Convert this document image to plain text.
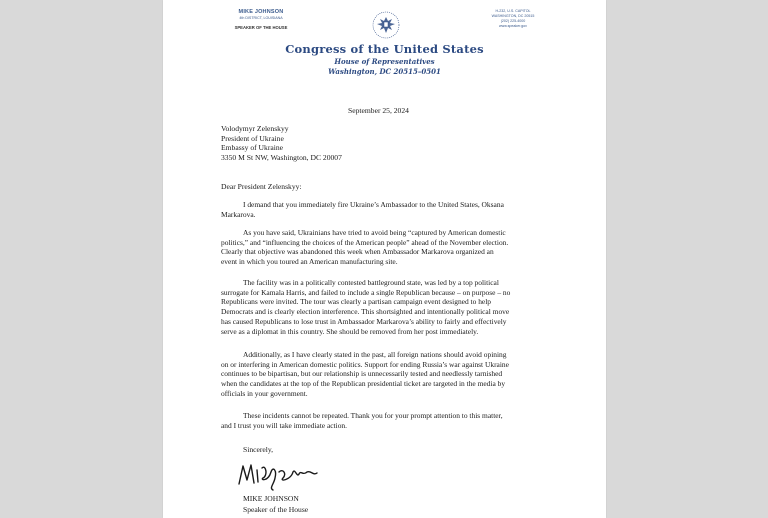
MIKE JOHNSON
4th DISTRICT, LOUISIANA
SPEAKER OF THE HOUSE
H-232, U.S. CAPITOL
WASHINGTON, DC 20515
(202) 225-4000
www.speaker.gov
Congress of the United States
House of Representatives
Washington, DC 20515–0501
September 25, 2024
Volodymyr Zelenskyy
President of Ukraine
Embassy of Ukraine
3350 M St NW, Washington, DC 20007
Dear President Zelenskyy:
I demand that you immediately fire Ukraine’s Ambassador to the United States, Oksana
Markarova.
As you have said, Ukrainians have tried to avoid being “captured by American domestic
politics,” and “influencing the choices of the American people” ahead of the November election.
Clearly that objective was abandoned this week when Ambassador Markarova organized an
event in which you toured an American manufacturing site.
The facility was in a politically contested battleground state, was led by a top political
surrogate for Kamala Harris, and failed to include a single Republican because – on purpose – no
Republicans were invited. The tour was clearly a partisan campaign event designed to help
Democrats and is clearly election interference. This shortsighted and intentionally political move
has caused Republicans to lose trust in Ambassador Markarova’s ability to fairly and effectively
serve as a diplomat in this country. She should be removed from her post immediately.
Additionally, as I have clearly stated in the past, all foreign nations should avoid opining
on or interfering in American domestic politics. Support for ending Russia’s war against Ukraine
continues to be bipartisan, but our relationship is unnecessarily tested and needlessly tarnished
when the candidates at the top of the Republican presidential ticket are targeted in the media by
officials in your government.
These incidents cannot be repeated. Thank you for your prompt attention to this matter,
and I trust you will take immediate action.
Sincerely,
MIKE JOHNSON
Speaker of the House
